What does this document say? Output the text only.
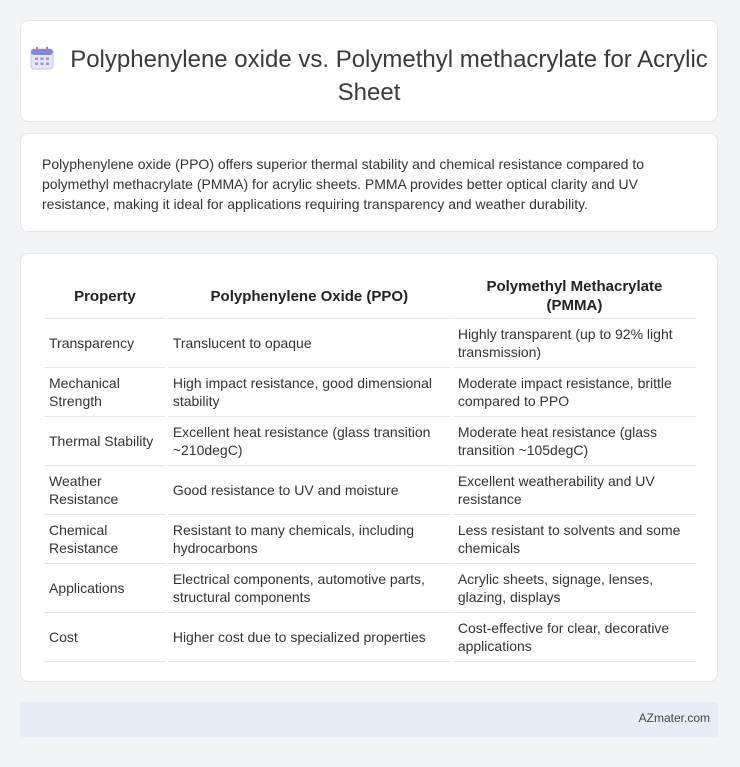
Polyphenylene oxide vs. Polymethyl methacrylate for Acrylic Sheet
Polyphenylene oxide (PPO) offers superior thermal stability and chemical resistance compared to polymethyl methacrylate (PMMA) for acrylic sheets. PMMA provides better optical clarity and UV resistance, making it ideal for applications requiring transparency and weather durability.
Property	Polyphenylene Oxide (PPO)	Polymethyl Methacrylate (PMMA)
Transparency	Translucent to opaque	Highly transparent (up to 92% light transmission)
Mechanical Strength	High impact resistance, good dimensional stability	Moderate impact resistance, brittle compared to PPO
Thermal Stability	Excellent heat resistance (glass transition ~210degC)	Moderate heat resistance (glass transition ~105degC)
Weather Resistance	Good resistance to UV and moisture	Excellent weatherability and UV resistance
Chemical Resistance	Resistant to many chemicals, including hydrocarbons	Less resistant to solvents and some chemicals
Applications	Electrical components, automotive parts, structural components	Acrylic sheets, signage, lenses, glazing, displays
Cost	Higher cost due to specialized properties	Cost-effective for clear, decorative applications
AZmater.com
